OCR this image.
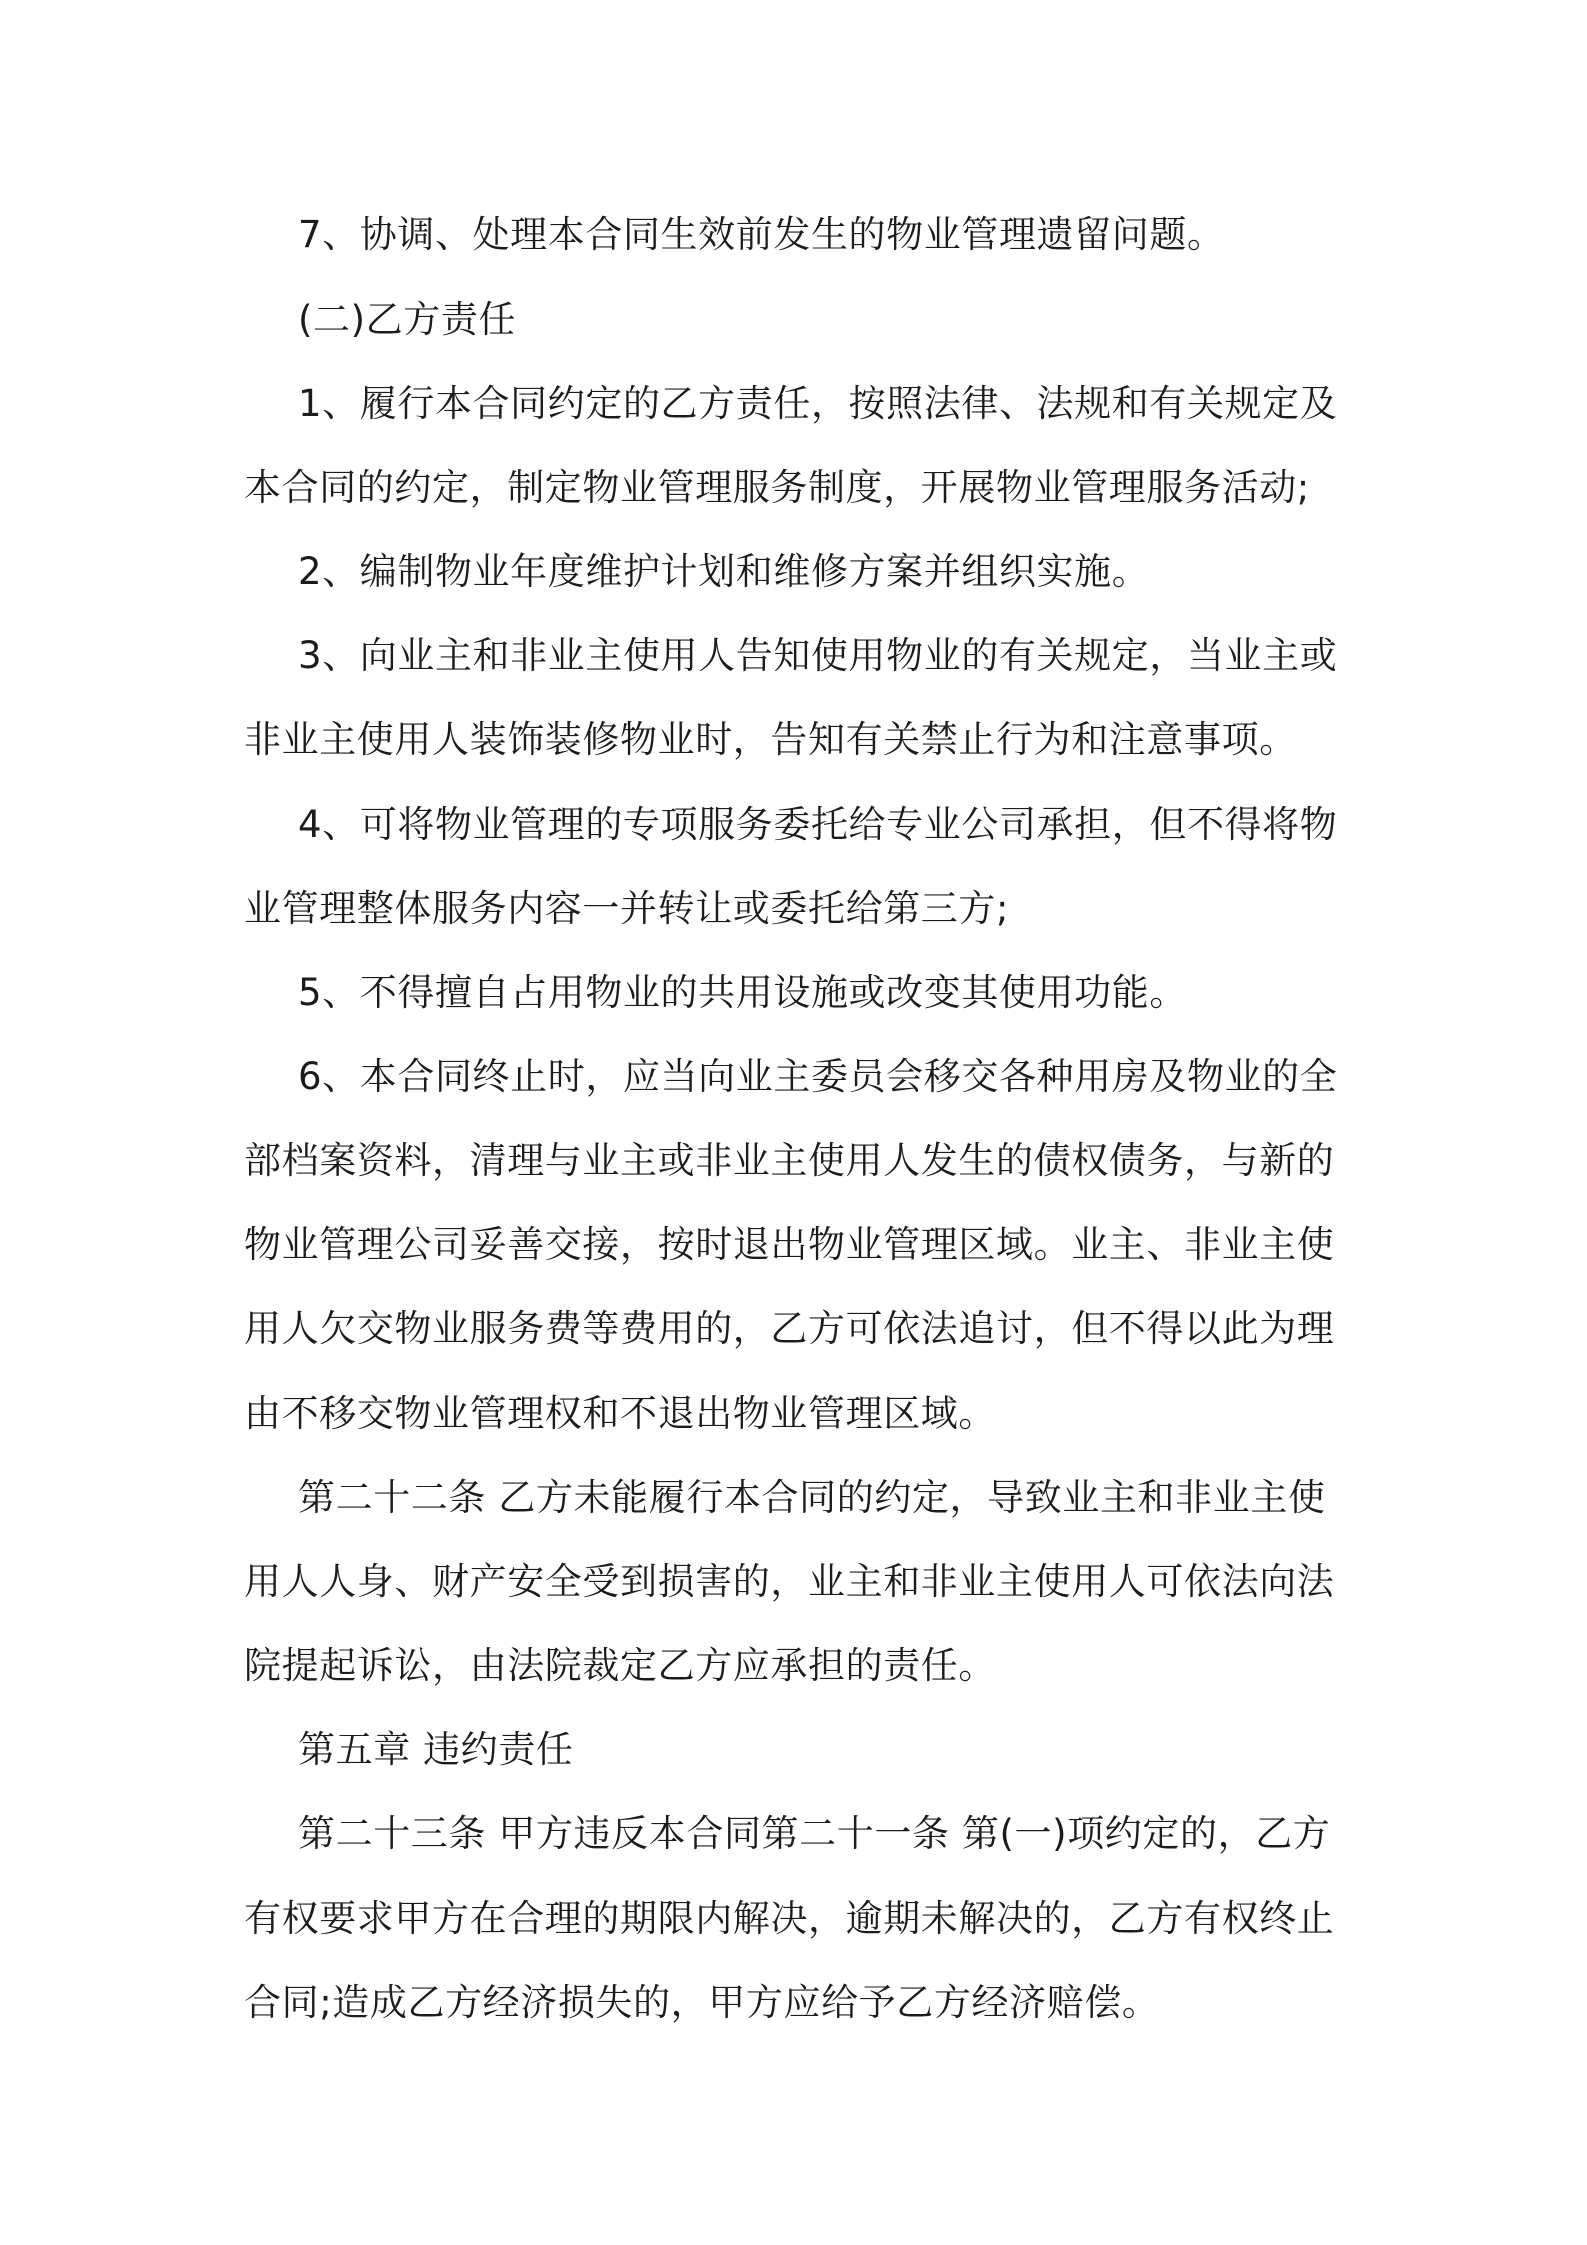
7、协调、处理本合同生效前发生的物业管理遗留问题。
(二)乙方责任
1、履行本合同约定的乙方责任，按照法律、法规和有关规定及
本合同的约定，制定物业管理服务制度，开展物业管理服务活动;
2、编制物业年度维护计划和维修方案并组织实施。
3、向业主和非业主使用人告知使用物业的有关规定，当业主或
非业主使用人装饰装修物业时，告知有关禁止行为和注意事项。
4、可将物业管理的专项服务委托给专业公司承担，但不得将物
业管理整体服务内容一并转让或委托给第三方;
5、不得擅自占用物业的共用设施或改变其使用功能。
6、本合同终止时，应当向业主委员会移交各种用房及物业的全
部档案资料，清理与业主或非业主使用人发生的债权债务，与新的
物业管理公司妥善交接，按时退出物业管理区域。业主、非业主使
用人欠交物业服务费等费用的，乙方可依法追讨，但不得以此为理
由不移交物业管理权和不退出物业管理区域。
第二十二条 乙方未能履行本合同的约定，导致业主和非业主使
用人人身、财产安全受到损害的，业主和非业主使用人可依法向法
院提起诉讼，由法院裁定乙方应承担的责任。
第五章 违约责任
第二十三条 甲方违反本合同第二十一条 第(一)项约定的，乙方
有权要求甲方在合理的期限内解决，逾期未解决的，乙方有权终止
合同;造成乙方经济损失的，甲方应给予乙方经济赔偿。
